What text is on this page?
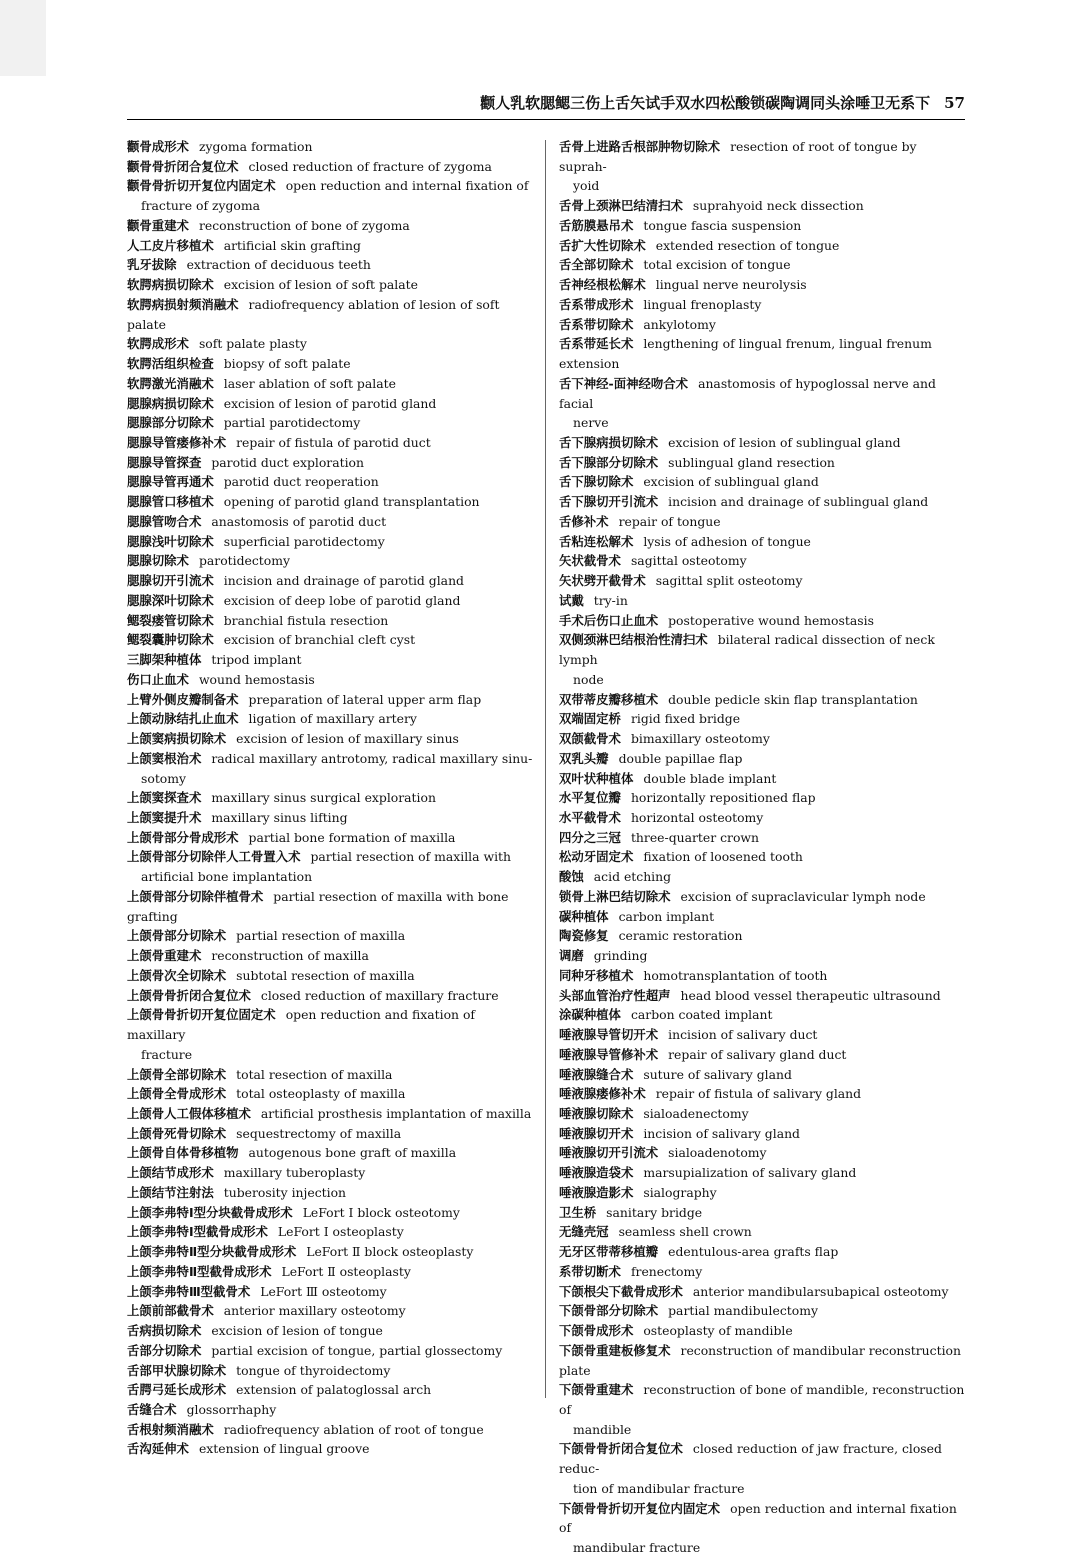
颧人乳软腮鳃三伤上舌矢试手双水四松酸锁碳陶调同头涂唾卫无系下 57
颧骨成形术 zygoma formation
颧骨骨折闭合复位术 closed reduction of fracture of zygoma
颧骨骨折切开复位内固定术 open reduction and internal fixation of
fracture of zygoma
颧骨重建术 reconstruction of bone of zygoma
人工皮片移植术 artificial skin grafting
乳牙拔除 extraction of deciduous teeth
软腭病损切除术 excision of lesion of soft palate
软腭病损射频消融术 radiofrequency ablation of lesion of soft palate
软腭成形术 soft palate plasty
软腭活组织检查 biopsy of soft palate
软腭激光消融术 laser ablation of soft palate
腮腺病损切除术 excision of lesion of parotid gland
腮腺部分切除术 partial parotidectomy
腮腺导管瘘修补术 repair of fistula of parotid duct
腮腺导管探查 parotid duct exploration
腮腺导管再通术 parotid duct reoperation
腮腺管口移植术 opening of parotid gland transplantation
腮腺管吻合术 anastomosis of parotid duct
腮腺浅叶切除术 superficial parotidectomy
腮腺切除术 parotidectomy
腮腺切开引流术 incision and drainage of parotid gland
腮腺深叶切除术 excision of deep lobe of parotid gland
鳃裂瘘管切除术 branchial fistula resection
鳃裂囊肿切除术 excision of branchial cleft cyst
三脚架种植体 tripod implant
伤口止血术 wound hemostasis
上臂外侧皮瓣制备术 preparation of lateral upper arm flap
上颌动脉结扎止血术 ligation of maxillary artery
上颌窦病损切除术 excision of lesion of maxillary sinus
上颌窦根治术 radical maxillary antrotomy, radical maxillary sinu-
sotomy
上颌窦探查术 maxillary sinus surgical exploration
上颌窦提升术 maxillary sinus lifting
上颌骨部分骨成形术 partial bone formation of maxilla
上颌骨部分切除伴人工骨置入术 partial resection of maxilla with
artificial bone implantation
上颌骨部分切除伴植骨术 partial resection of maxilla with bone grafting
上颌骨部分切除术 partial resection of maxilla
上颌骨重建术 reconstruction of maxilla
上颌骨次全切除术 subtotal resection of maxilla
上颌骨骨折闭合复位术 closed reduction of maxillary fracture
上颌骨骨折切开复位固定术 open reduction and fixation of maxillary
fracture
上颌骨全部切除术 total resection of maxilla
上颌骨全骨成形术 total osteoplasty of maxilla
上颌骨人工假体移植术 artificial prosthesis implantation of maxilla
上颌骨死骨切除术 sequestrectomy of maxilla
上颌骨自体骨移植物 autogenous bone graft of maxilla
上颌结节成形术 maxillary tuberoplasty
上颌结节注射法 tuberosity injection
上颌李弗特Ⅰ型分块截骨成形术 LeFort Ⅰ block osteotomy
上颌李弗特Ⅰ型截骨成形术 LeFort Ⅰ osteoplasty
上颌李弗特Ⅱ型分块截骨成形术 LeFort Ⅱ block osteoplasty
上颌李弗特Ⅱ型截骨成形术 LeFort Ⅱ osteoplasty
上颌李弗特Ⅲ型截骨术 LeFort Ⅲ osteotomy
上颌前部截骨术 anterior maxillary osteotomy
舌病损切除术 excision of lesion of tongue
舌部分切除术 partial excision of tongue, partial glossectomy
舌部甲状腺切除术 tongue of thyroidectomy
舌腭弓延长成形术 extension of palatoglossal arch
舌缝合术 glossorrhaphy
舌根射频消融术 radiofrequency ablation of root of tongue
舌沟延伸术 extension of lingual groove
舌骨上进路舌根部肿物切除术 resection of root of tongue by suprah-
yoid
舌骨上颈淋巴结清扫术 suprahyoid neck dissection
舌筋膜悬吊术 tongue fascia suspension
舌扩大性切除术 extended resection of tongue
舌全部切除术 total excision of tongue
舌神经根松解术 lingual nerve neurolysis
舌系带成形术 lingual frenoplasty
舌系带切除术 ankylotomy
舌系带延长术 lengthening of lingual frenum, lingual frenum extension
舌下神经-面神经吻合术 anastomosis of hypoglossal nerve and facial
nerve
舌下腺病损切除术 excision of lesion of sublingual gland
舌下腺部分切除术 sublingual gland resection
舌下腺切除术 excision of sublingual gland
舌下腺切开引流术 incision and drainage of sublingual gland
舌修补术 repair of tongue
舌粘连松解术 lysis of adhesion of tongue
矢状截骨术 sagittal osteotomy
矢状劈开截骨术 sagittal split osteotomy
试戴 try-in
手术后伤口止血术 postoperative wound hemostasis
双侧颈淋巴结根治性清扫术 bilateral radical dissection of neck lymph
node
双带蒂皮瓣移植术 double pedicle skin flap transplantation
双端固定桥 rigid fixed bridge
双颌截骨术 bimaxillary osteotomy
双乳头瓣 double papillae flap
双叶状种植体 double blade implant
水平复位瓣 horizontally repositioned flap
水平截骨术 horizontal osteotomy
四分之三冠 three-quarter crown
松动牙固定术 fixation of loosened tooth
酸蚀 acid etching
锁骨上淋巴结切除术 excision of supraclavicular lymph node
碳种植体 carbon implant
陶瓷修复 ceramic restoration
调磨 grinding
同种牙移植术 homotransplantation of tooth
头部血管治疗性超声 head blood vessel therapeutic ultrasound
涂碳种植体 carbon coated implant
唾液腺导管切开术 incision of salivary duct
唾液腺导管修补术 repair of salivary gland duct
唾液腺缝合术 suture of salivary gland
唾液腺瘘修补术 repair of fistula of salivary gland
唾液腺切除术 sialoadenectomy
唾液腺切开术 incision of salivary gland
唾液腺切开引流术 sialoadenotomy
唾液腺造袋术 marsupialization of salivary gland
唾液腺造影术 sialography
卫生桥 sanitary bridge
无缝壳冠 seamless shell crown
无牙区带蒂移植瓣 edentulous-area grafts flap
系带切断术 frenectomy
下颌根尖下截骨成形术 anterior mandibularsubapical osteotomy
下颌骨部分切除术 partial mandibulectomy
下颌骨成形术 osteoplasty of mandible
下颌骨重建板修复术 reconstruction of mandibular reconstruction plate
下颌骨重建术 reconstruction of bone of mandible, reconstruction of
mandible
下颌骨骨折闭合复位术 closed reduction of jaw fracture, closed reduc-
tion of mandibular fracture
下颌骨骨折切开复位内固定术 open reduction and internal fixation of
mandibular fracture
